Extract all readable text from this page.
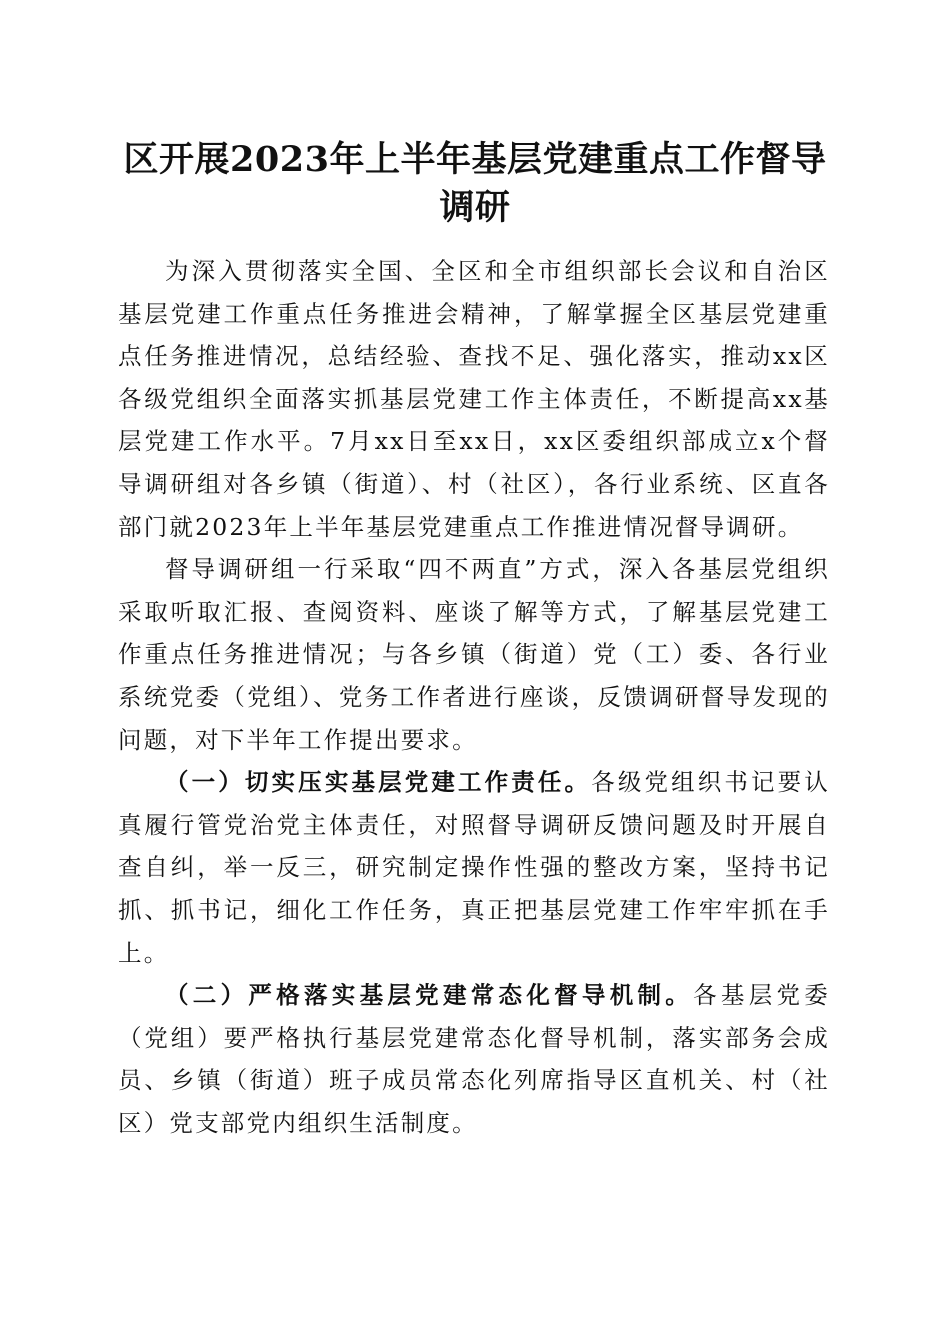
区开展2023年上半年基层党建重点工作督导调研

为深入贯彻落实全国、全区和全市组织部长会议和自治区基层党建工作重点任务推进会精神，了解掌握全区基层党建重点任务推进情况，总结经验、查找不足、强化落实，推动xx区各级党组织全面落实抓基层党建工作主体责任，不断提高xx基层党建工作水平。7月xx日至xx日，xx区委组织部成立x个督导调研组对各乡镇（街道）、村（社区），各行业系统、区直各部门就2023年上半年基层党建重点工作推进情况督导调研。

督导调研组一行采取“四不两直”方式，深入各基层党组织采取听取汇报、查阅资料、座谈了解等方式，了解基层党建工作重点任务推进情况；与各乡镇（街道）党（工）委、各行业系统党委（党组）、党务工作者进行座谈，反馈调研督导发现的问题，对下半年工作提出要求。

（一）切实压实基层党建工作责任。各级党组织书记要认真履行管党治党主体责任，对照督导调研反馈问题及时开展自查自纠，举一反三，研究制定操作性强的整改方案，坚持书记抓、抓书记，细化工作任务，真正把基层党建工作牢牢抓在手上。

（二）严格落实基层党建常态化督导机制。各基层党委（党组）要严格执行基层党建常态化督导机制，落实部务会成员、乡镇（街道）班子成员常态化列席指导区直机关、村（社区）党支部党内组织生活制度。
